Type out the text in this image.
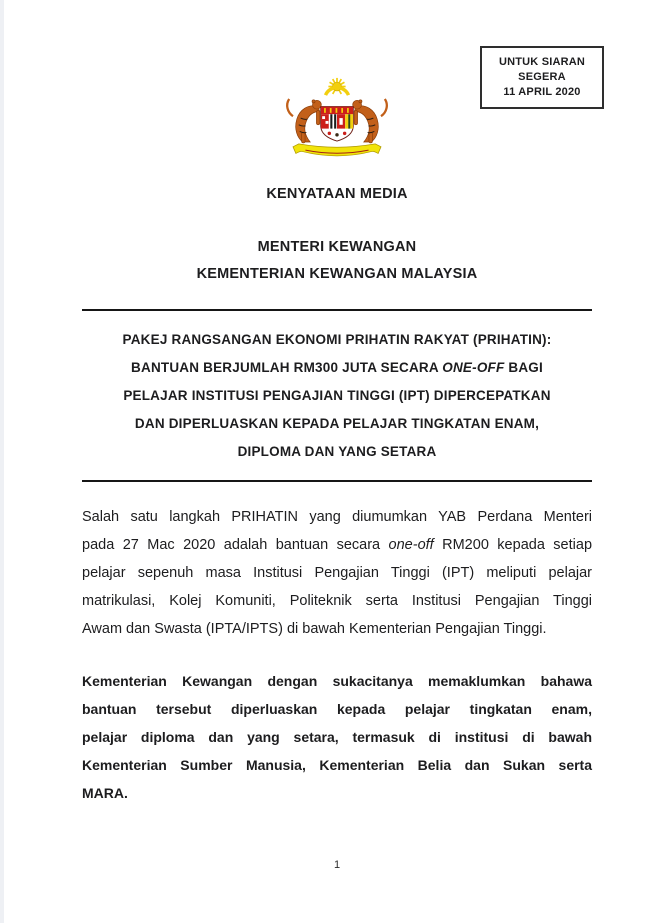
UNTUK SIARAN
SEGERA
11 APRIL 2020
KENYATAAN MEDIA
MENTERI KEWANGAN
KEMENTERIAN KEWANGAN MALAYSIA
PAKEJ RANGSANGAN EKONOMI PRIHATIN RAKYAT (PRIHATIN):
BANTUAN BERJUMLAH RM300 JUTA SECARA ONE-OFF BAGI
PELAJAR INSTITUSI PENGAJIAN TINGGI (IPT) DIPERCEPATKAN
DAN DIPERLUASKAN KEPADA PELAJAR TINGKATAN ENAM,
DIPLOMA DAN YANG SETARA
Salah satu langkah PRIHATIN yang diumumkan YAB Perdana Menteri
pada 27 Mac 2020 adalah bantuan secara one-off RM200 kepada setiap
pelajar sepenuh masa Institusi Pengajian Tinggi (IPT) meliputi pelajar
matrikulasi, Kolej Komuniti, Politeknik serta Institusi Pengajian Tinggi
Awam dan Swasta (IPTA/IPTS) di bawah Kementerian Pengajian Tinggi.
Kementerian Kewangan dengan sukacitanya memaklumkan bahawa
bantuan tersebut diperluaskan kepada pelajar tingkatan enam,
pelajar diploma dan yang setara, termasuk di institusi di bawah
Kementerian Sumber Manusia, Kementerian Belia dan Sukan serta
MARA.
1
